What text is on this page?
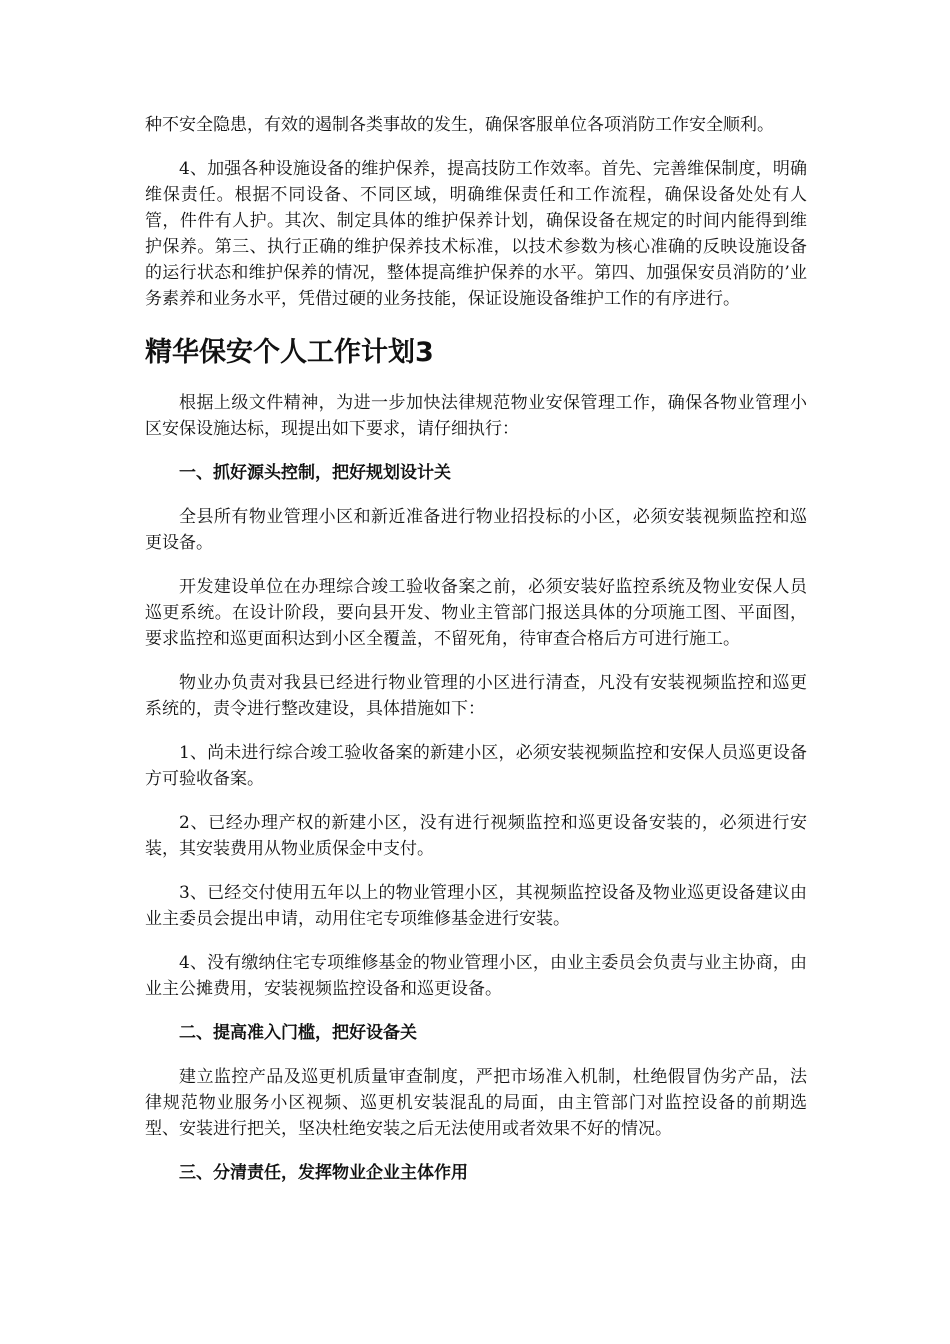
种不安全隐患，有效的遏制各类事故的发生，确保客服单位各项消防工作安全顺利。

4、加强各种设施设备的维护保养，提高技防工作效率。首先、完善维保制度，明确维保责任。根据不同设备、不同区域，明确维保责任和工作流程，确保设备处处有人管，件件有人护。其次、制定具体的维护保养计划，确保设备在规定的时间内能得到维护保养。第三、执行正确的维护保养技术标准，以技术参数为核心准确的反映设施设备的运行状态和维护保养的情况，整体提高维护保养的水平。第四、加强保安员消防的’业务素养和业务水平，凭借过硬的业务技能，保证设施设备维护工作的有序进行。

精华保安个人工作计划3

根据上级文件精神，为进一步加快法律规范物业安保管理工作，确保各物业管理小区安保设施达标，现提出如下要求，请仔细执行：

一、抓好源头控制，把好规划设计关

全县所有物业管理小区和新近准备进行物业招投标的小区，必须安装视频监控和巡更设备。

开发建设单位在办理综合竣工验收备案之前，必须安装好监控系统及物业安保人员巡更系统。在设计阶段，要向县开发、物业主管部门报送具体的分项施工图、平面图，要求监控和巡更面积达到小区全覆盖，不留死角，待审查合格后方可进行施工。

物业办负责对我县已经进行物业管理的小区进行清查，凡没有安装视频监控和巡更系统的，责令进行整改建设，具体措施如下：

1、尚未进行综合竣工验收备案的新建小区，必须安装视频监控和安保人员巡更设备方可验收备案。

2、已经办理产权的新建小区，没有进行视频监控和巡更设备安装的，必须进行安装，其安装费用从物业质保金中支付。

3、已经交付使用五年以上的物业管理小区，其视频监控设备及物业巡更设备建议由业主委员会提出申请，动用住宅专项维修基金进行安装。

4、没有缴纳住宅专项维修基金的物业管理小区，由业主委员会负责与业主协商，由业主公摊费用，安装视频监控设备和巡更设备。

二、提高准入门槛，把好设备关

建立监控产品及巡更机质量审查制度，严把市场准入机制，杜绝假冒伪劣产品，法律规范物业服务小区视频、巡更机安装混乱的局面，由主管部门对监控设备的前期选型、安装进行把关，坚决杜绝安装之后无法使用或者效果不好的情况。

三、分清责任，发挥物业企业主体作用
